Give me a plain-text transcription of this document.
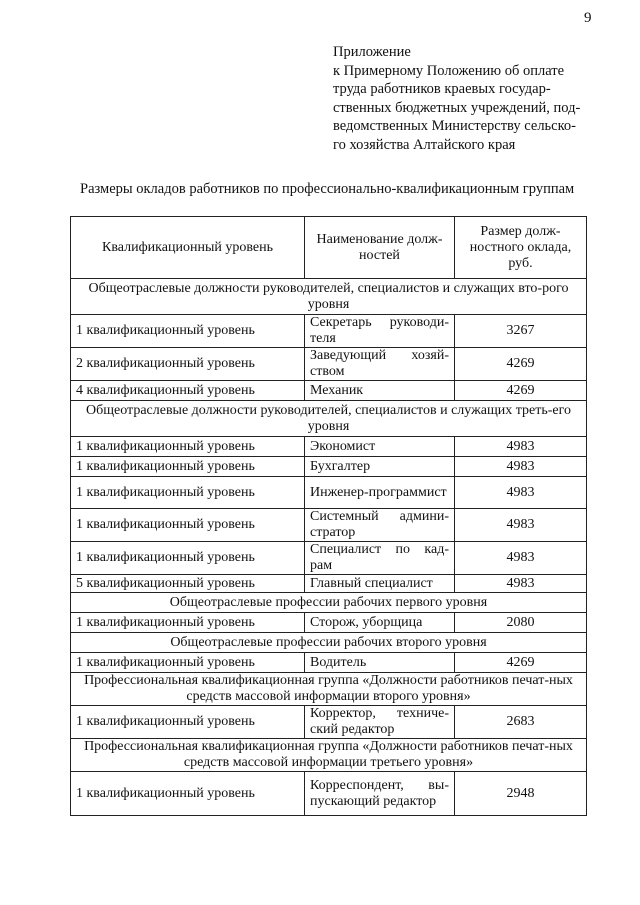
9
Приложение
к Примерному Положению об оплате
труда работников краевых государ-
ственных бюджетных учреждений, под-
ведомственных Министерству сельско-
го хозяйства Алтайского края
Размеры окладов работников по профессионально-квалификационным группам
Квалификационный уровень	Наименование долж-ностей	Размер долж-ностного оклада, руб.
Общеотраслевые должности руководителей, специалистов и служащих вто-рого уровня		
1 квалификационный уровень	Секретарь руководи-теля	3267
2 квалификационный уровень	Заведующий хозяй-ством	4269
4 квалификационный уровень	Механик	4269
Общеотраслевые должности руководителей, специалистов и служащих треть-его уровня		
1 квалификационный уровень	Экономист	4983
1 квалификационный уровень	Бухгалтер	4983
1 квалификационный уровень	Инженер-программист	4983
1 квалификационный уровень	Системный админи-стратор	4983
1 квалификационный уровень	Специалист по кад-рам	4983
5 квалификационный уровень	Главный специалист	4983
Общеотраслевые профессии рабочих первого уровня		
1 квалификационный уровень	Сторож, уборщица	2080
Общеотраслевые профессии рабочих второго уровня		
1 квалификационный уровень	Водитель	4269
Профессиональная квалификационная группа «Должности работников печат-ных средств массовой информации второго уровня»		
1 квалификационный уровень	Корректор, техниче-ский редактор	2683
Профессиональная квалификационная группа «Должности работников печат-ных средств массовой информации третьего уровня»		
1 квалификационный уровень	Корреспондент, вы-пускающий редактор	2948
